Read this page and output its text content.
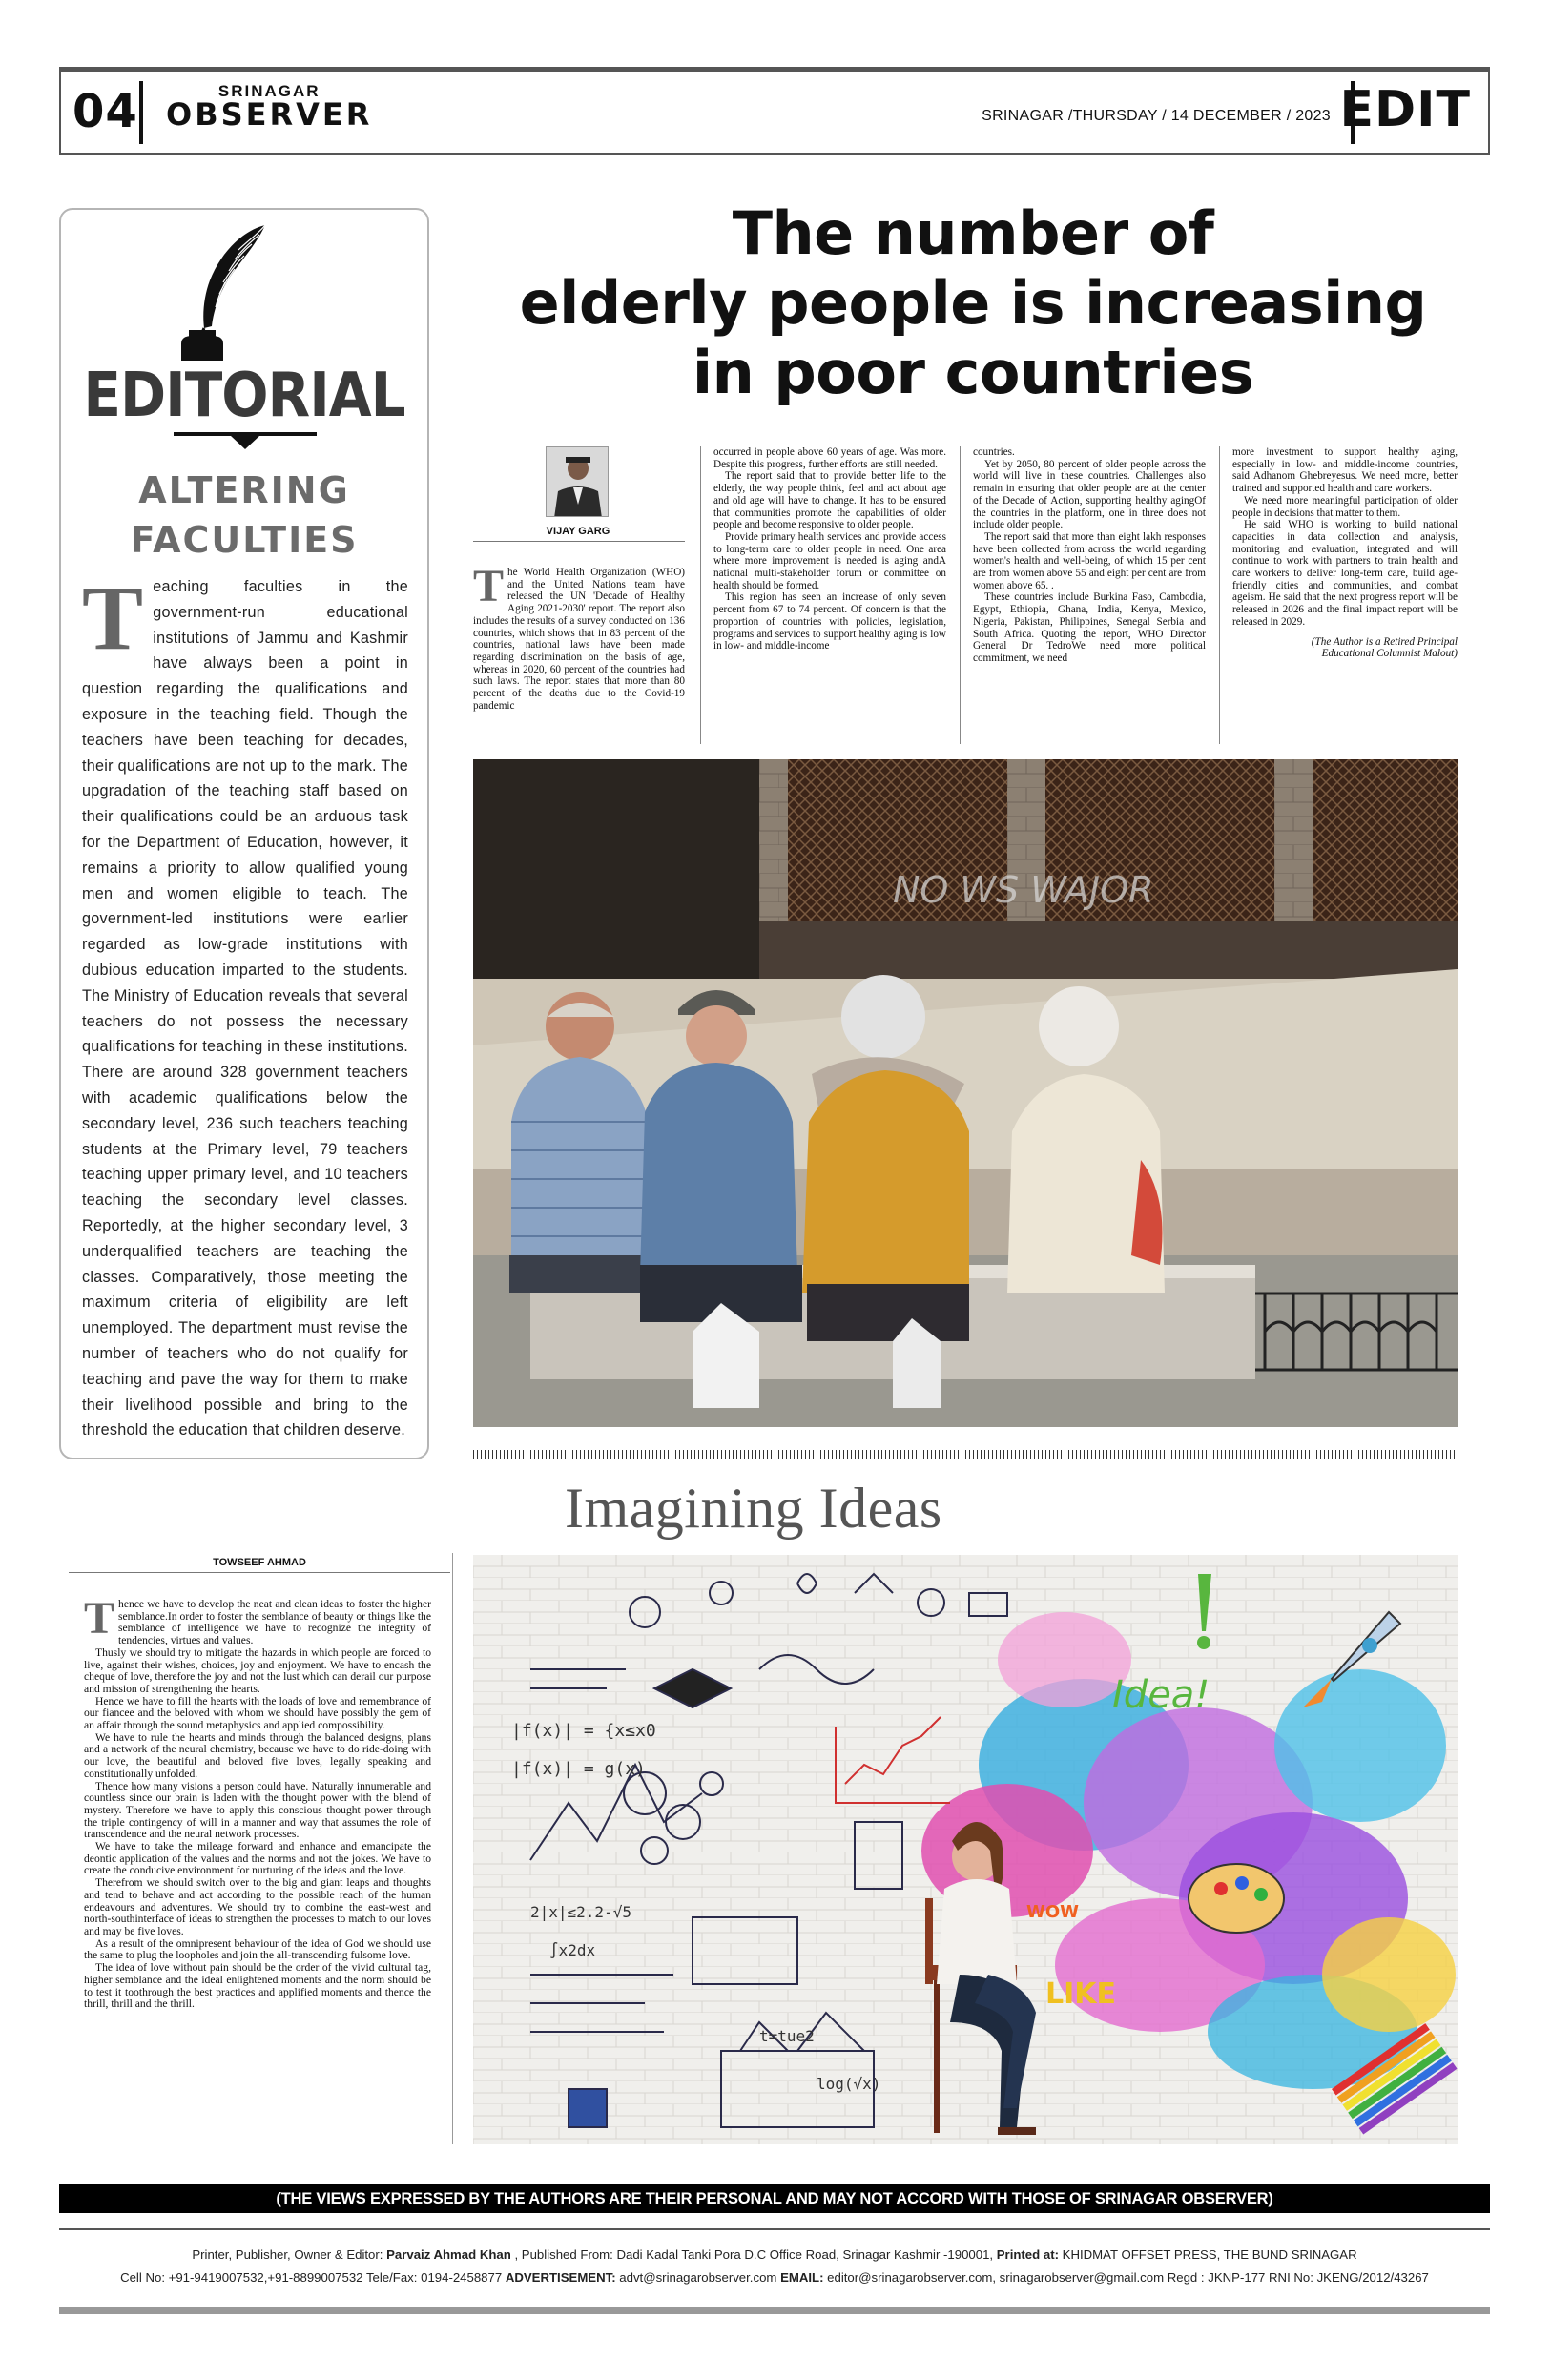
04	SRINAGAR
OBSERVER	SRINAGAR /THURSDAY / 14 DECEMBER / 2023 EDIT
EDITORIAL
ALTERING
FACULTIES
T eaching faculties in the government-run educational institutions of Jammu and Kashmir have always been a point in question regarding the qualifications and exposure in the teaching field. Though the teachers have been teaching for decades, their qualifications are not up to the mark. The upgradation of the teaching staff based on their qualifications could be an arduous task for the Department of Education, however, it remains a priority to allow qualified young men and women eligible to teach. The government-led institutions were earlier regarded as low-grade institutions with dubious education imparted to the students. The Ministry of Education reveals that several teachers do not possess the necessary qualifications for teaching in these institutions. There are around 328 government teachers with academic qualifications below the secondary level, 236 such teachers teaching students at the Primary level, 79 teachers teaching upper primary level, and 10 teachers teaching the secondary level classes. Reportedly, at the higher secondary level, 3 underqualified teachers are teaching the classes. Comparatively, those meeting the maximum criteria of eligibility are left unemployed. The department must revise the number of teachers who do not qualify for teaching and pave the way for them to make their livelihood possible and bring to the threshold the education that children deserve.
The number of
elderly people is increasing
in poor countries
VIJAY GARG

The World Health Organization (WHO) and the United Nations team have released the UN 'Decade of Healthy Aging 2021-2030' report. The report also includes the results of a survey conducted on 136 countries, which shows that in 83 percent of the countries, national laws have been made regarding discrimination on the basis of age, whereas in 2020, 60 percent of the countries had such laws. The report states that more than 80 percent of the deaths due to the Covid-19 pandemic

occurred in people above 60 years of age. Was more. Despite this progress, further efforts are still needed.

The report said that to provide better life to the elderly, the way people think, feel and act about age and old age will have to change. It has to be ensured that communities promote the capabilities of older people and become responsive to older people.

Provide primary health services and provide access to long-term care to older people in need. One area where more improvement is needed is aging andA national multi-stakeholder forum or committee on health should be formed.

This region has seen an increase of only seven percent from 67 to 74 percent. Of concern is that the proportion of countries with policies, legislation, programs and services to support healthy aging is low in low- and middle-income

countries.

Yet by 2050, 80 percent of older people across the world will live in these countries. Challenges also remain in ensuring that older people are at the center of the Decade of Action, supporting healthy agingOf the countries in the platform, one in three does not include older people.

The report said that more than eight lakh responses have been collected from across the world regarding women's health and well-being, of which 15 per cent are from women above 55 and eight per cent are from women above 65. .

These countries include Burkina Faso, Cambodia, Egypt, Ethiopia, Ghana, India, Kenya, Mexico, Nigeria, Pakistan, Philippines, Senegal Serbia and South Africa. Quoting the report, WHO Director General Dr TedroWe need more political commitment, we need

more investment to support healthy aging, especially in low- and middle-income countries, said Adhanom Ghebreyesus. We need more, better trained and supported health and care workers.

We need more meaningful participation of older people in decisions that matter to them.

He said WHO is working to build national capacities in data collection and analysis, monitoring and evaluation, integrated and will continue to work with partners to train health and care workers to deliver long-term care, build age-friendly cities and communities, and combat ageism. He said that the next progress report will be released in 2026 and the final impact report will be released in 2029.

(The Author is a Retired Principal
Educational Columnist Malout)

NO WS WAJOR
Imagining Ideas
TOWSEEF AHMAD

Thence we have to develop the neat and clean ideas to foster the higher semblance.In order to foster the semblance of beauty or things like the semblance of intelligence we have to recognize the integrity of tendencies, virtues and values.

Thusly we should try to mitigate the hazards in which people are forced to live, against their wishes, choices, joy and enjoyment. We have to encash the cheque of love, therefore the joy and not the lust which can derail our purpose and mission of strengthening the hearts.

Hence we have to fill the hearts with the loads of love and remembrance of our fiancee and the beloved with whom we should have possibly the gem of an affair through the sound metaphysics and applied compossibility.

We have to rule the hearts and minds through the balanced designs, plans and a network of the neural chemistry, because we have to do ride-doing with our love, the beautiful and beloved five loves, legally speaking and constitutionally unfolded.

Thence how many visions a person could have. Naturally innumerable and countless since our brain is laden with the thought power with the blend of mystery. Therefore we have to apply this conscious thought power through the triple contingency of will in a manner and way that assumes the role of transcendence and the neural network processes.

We have to take the mileage forward and enhance and emancipate the deontic application of the values and the norms and not the jokes. We have to create the conducive environment for nurturing of the ideas and the love.

Therefrom we should switch over to the big and giant leaps and thoughts and tend to behave and act according to the possible reach of the human endeavours and adventures. We should try to combine the east-west and north-southinterface of ideas to strengthen the processes to match to our loves and may be five loves.

As a result of the omnipresent behaviour of the idea of God we should use the same to plug the loopholes and join the all-transcending fulsome love.

The idea of love without pain should be the order of the vivid cultural tag, higher semblance and the ideal enlightened moments and the norm should be to test it toothrough the best practices and applified moments and thence the thrill, thrill and the thrill.

Idea!
LIKE
WOW
|f(x)| = {x≤x0
|f(x)| = g(x)
2|x|≤2.2-√5
log(√x)
∫x2dx
t=tue2
(THE VIEWS EXPRESSED BY THE AUTHORS ARE THEIR PERSONAL AND MAY NOT ACCORD WITH THOSE OF SRINAGAR OBSERVER)
Printer, Publisher, Owner & Editor: Parvaiz Ahmad Khan , Published From: Dadi Kadal Tanki Pora D.C Office Road, Srinagar Kashmir -190001, Printed at: KHIDMAT OFFSET PRESS, THE BUND SRINAGAR
Cell No: +91-9419007532,+91-8899007532 Tele/Fax: 0194-2458877 ADVERTISEMENT: advt@srinagarobserver.com EMAIL: editor@srinagarobserver.com, srinagarobserver@gmail.com Regd : JKNP-177 RNI No: JKENG/2012/43267
